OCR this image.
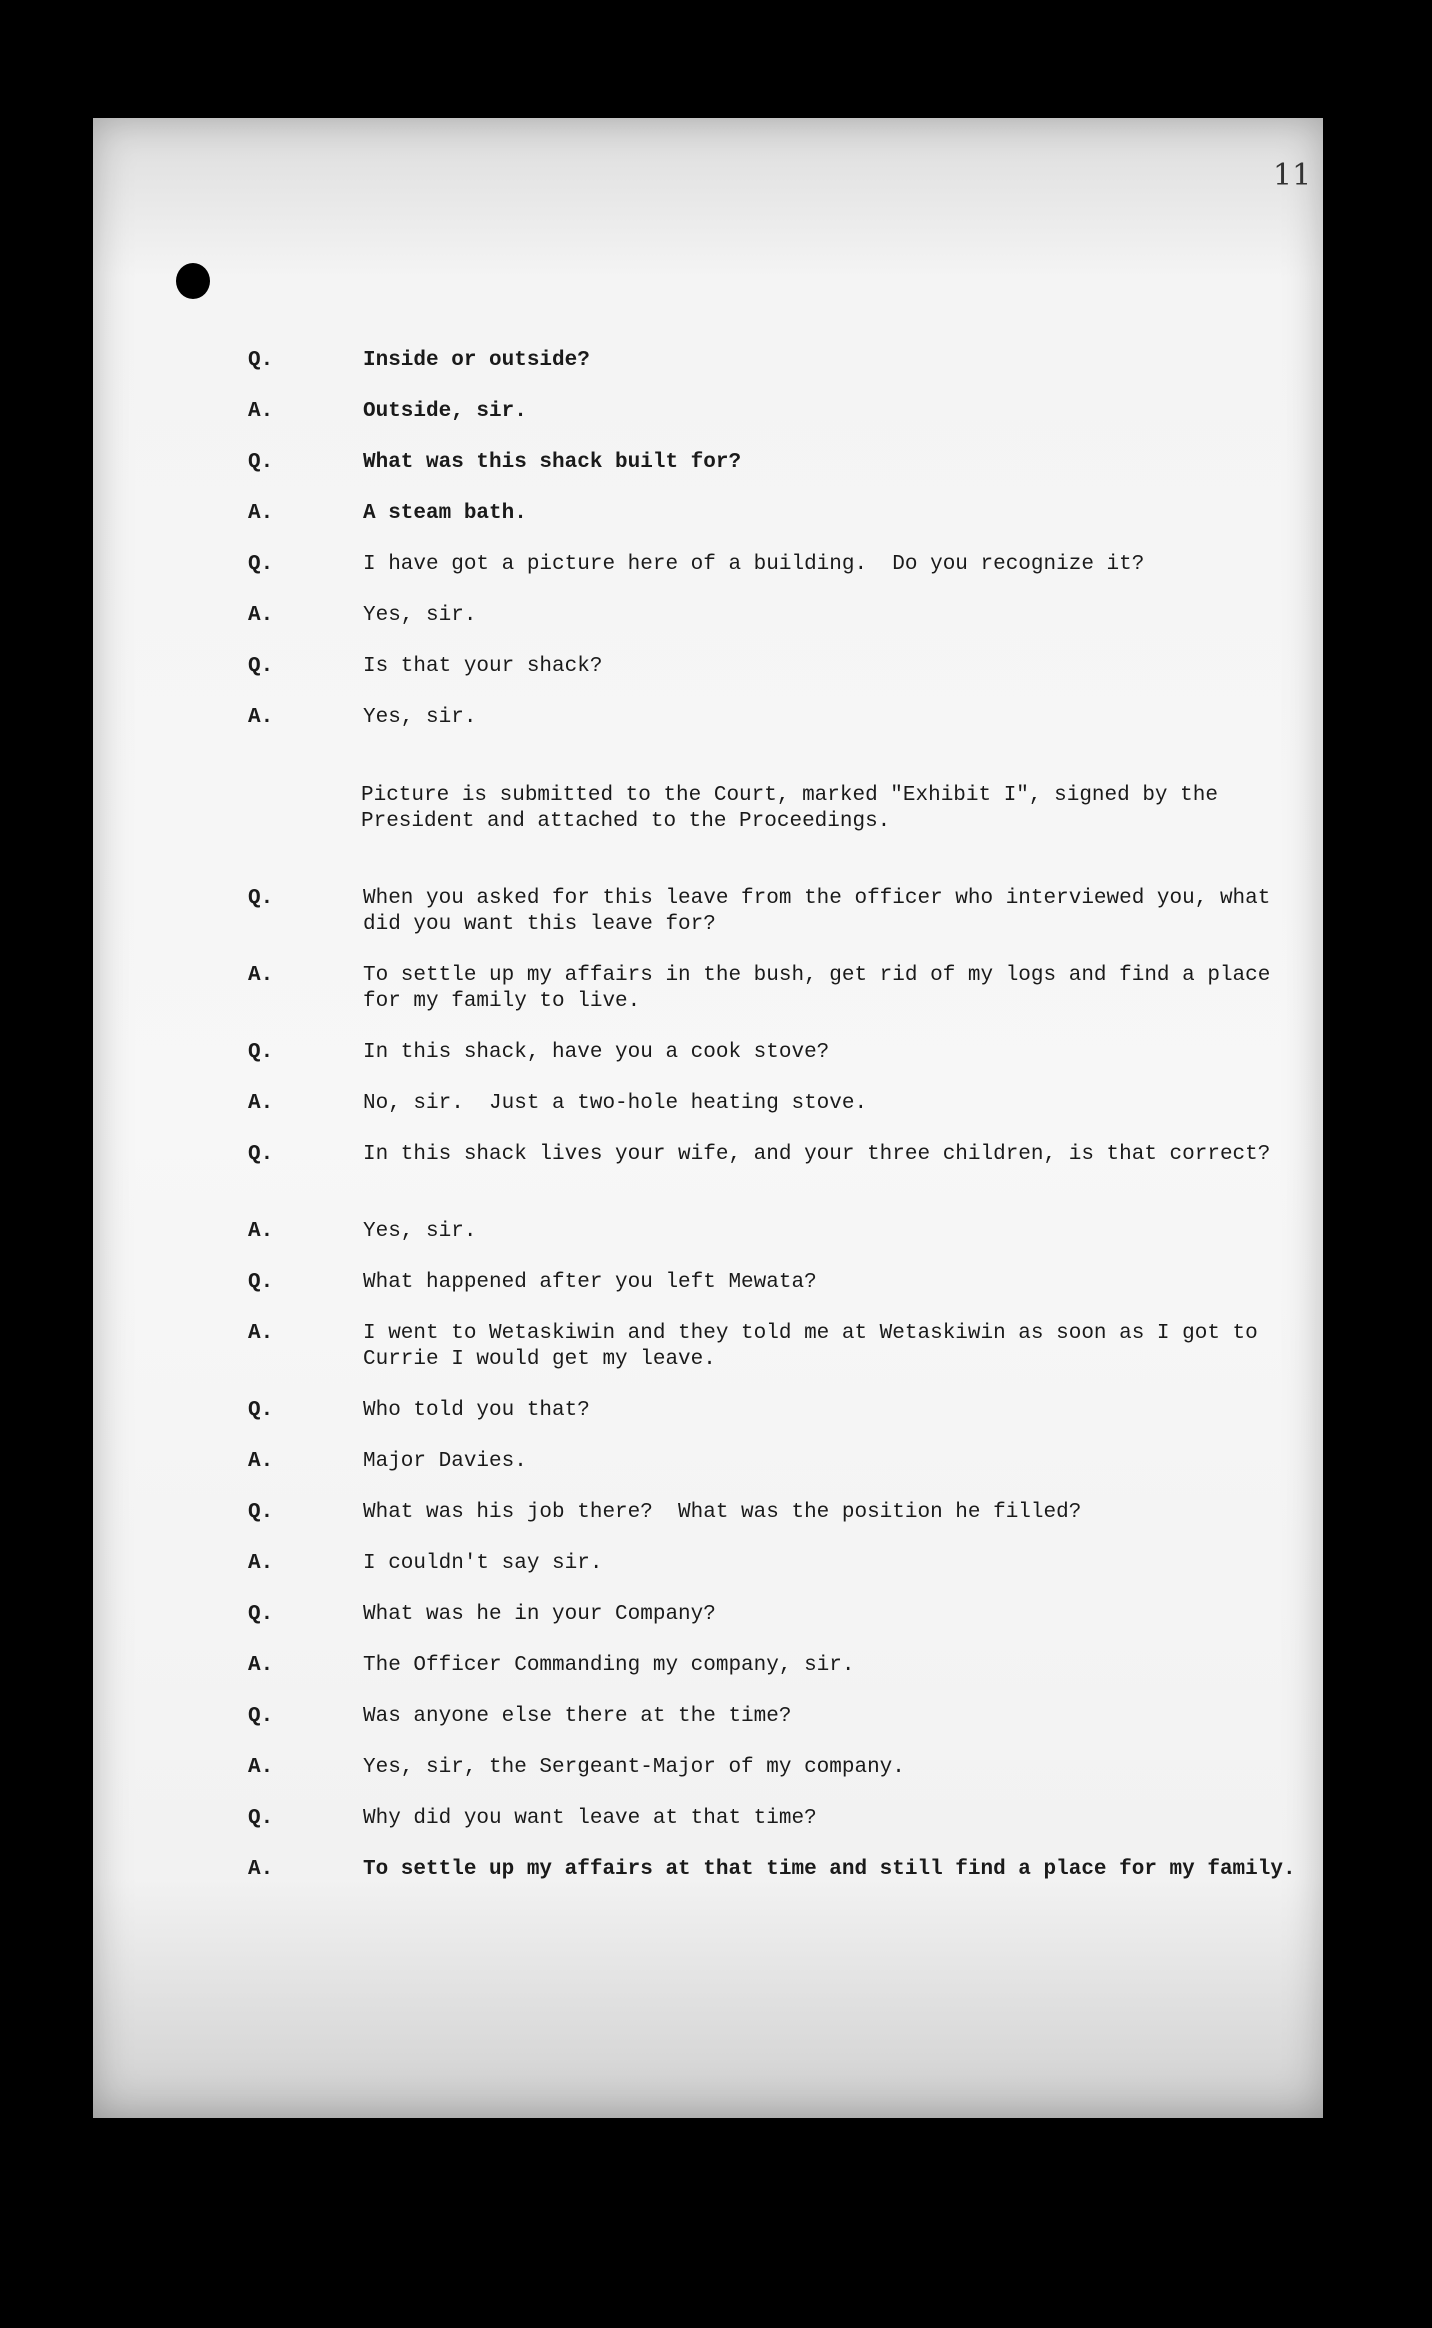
11
Q.	Inside or outside?
A.	Outside, sir.
Q.	What was this shack built for?
A.	A steam bath.
Q.	I have got a picture here of a building.  Do you recognize it?
A.	Yes, sir.
Q.	Is that your shack?
A.	Yes, sir.
Picture is submitted to the Court, marked "Exhibit I", signed by the President and attached to the Proceedings.
Q.	When you asked for this leave from the officer who interviewed you, what did you want this leave for?
A.	To settle up my affairs in the bush, get rid of my logs and find a place for my family to live.
Q.	In this shack, have you a cook stove?
A.	No, sir.  Just a two-hole heating stove.
Q.	In this shack lives your wife, and your three children, is that correct?
A.	Yes, sir.
Q.	What happened after you left Mewata?
A.	I went to Wetaskiwin and they told me at Wetaskiwin as soon as I got to Currie I would get my leave.
Q.	Who told you that?
A.	Major Davies.
Q.	What was his job there?  What was the position he filled?
A.	I couldn't say sir.
Q.	What was he in your Company?
A.	The Officer Commanding my company, sir.
Q.	Was anyone else there at the time?
A.	Yes, sir, the Sergeant-Major of my company.
Q.	Why did you want leave at that time?
A.	To settle up my affairs at that time and still find a place for my family.
